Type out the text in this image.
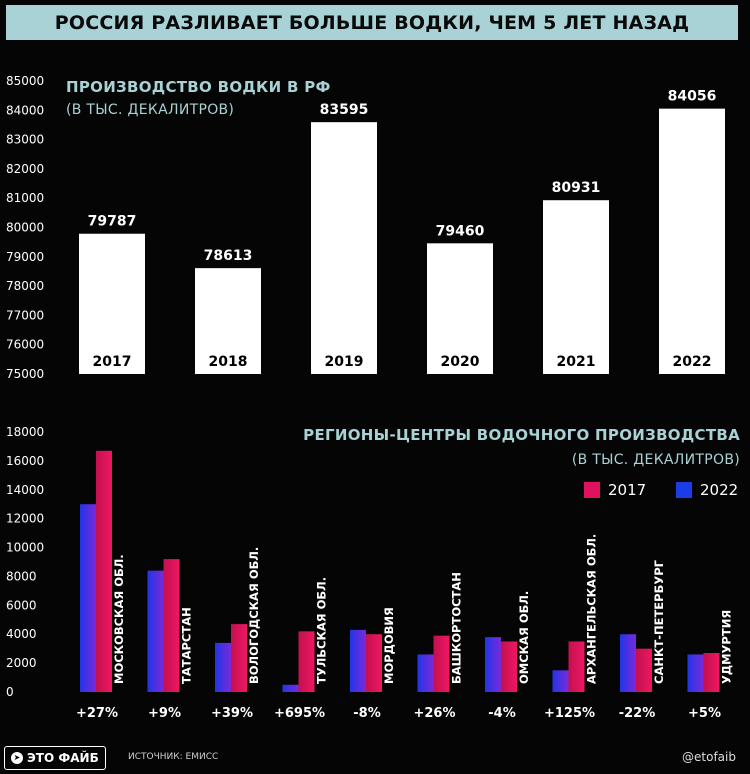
РОССИЯ РАЗЛИВАЕТ БОЛЬШЕ ВОДКИ, ЧЕМ 5 ЛЕТ НАЗАД
ПРОИЗВОДСТВО ВОДКИ В РФ
(В ТЫС. ДЕКАЛИТРОВ)
РЕГИОНЫ-ЦЕНТРЫ ВОДОЧНОГО ПРОИЗВОДСТВА
(В ТЫС. ДЕКАЛИТРОВ)
2017	2022
75000
76000
77000
78000
79000
80000
81000
82000
83000
84000
85000
79787
2017
78613
2018
83595
2019
79460
2020
80931
2021
84056
2022
0
2000
4000
6000
8000
10000
12000
14000
16000
18000
МОСКОВСКАЯ ОБЛ.
+27%
ТАТАРСТАН
+9%
ВОЛОГОДСКАЯ ОБЛ.
+39%
ТУЛЬСКАЯ ОБЛ.
+695%
МОРДОВИЯ
-8%
БАШКОРТОСТАН
+26%
ОМСКАЯ ОБЛ.
-4%
АРХАНГЕЛЬСКАЯ ОБЛ.
+125%
САНКТ-ПЕТЕРБУРГ
-22%
УДМУРТИЯ
+5%
➤ ЭТО ФАЙБ	ИСТОЧНИК: ЕМИСС	@etofaib
